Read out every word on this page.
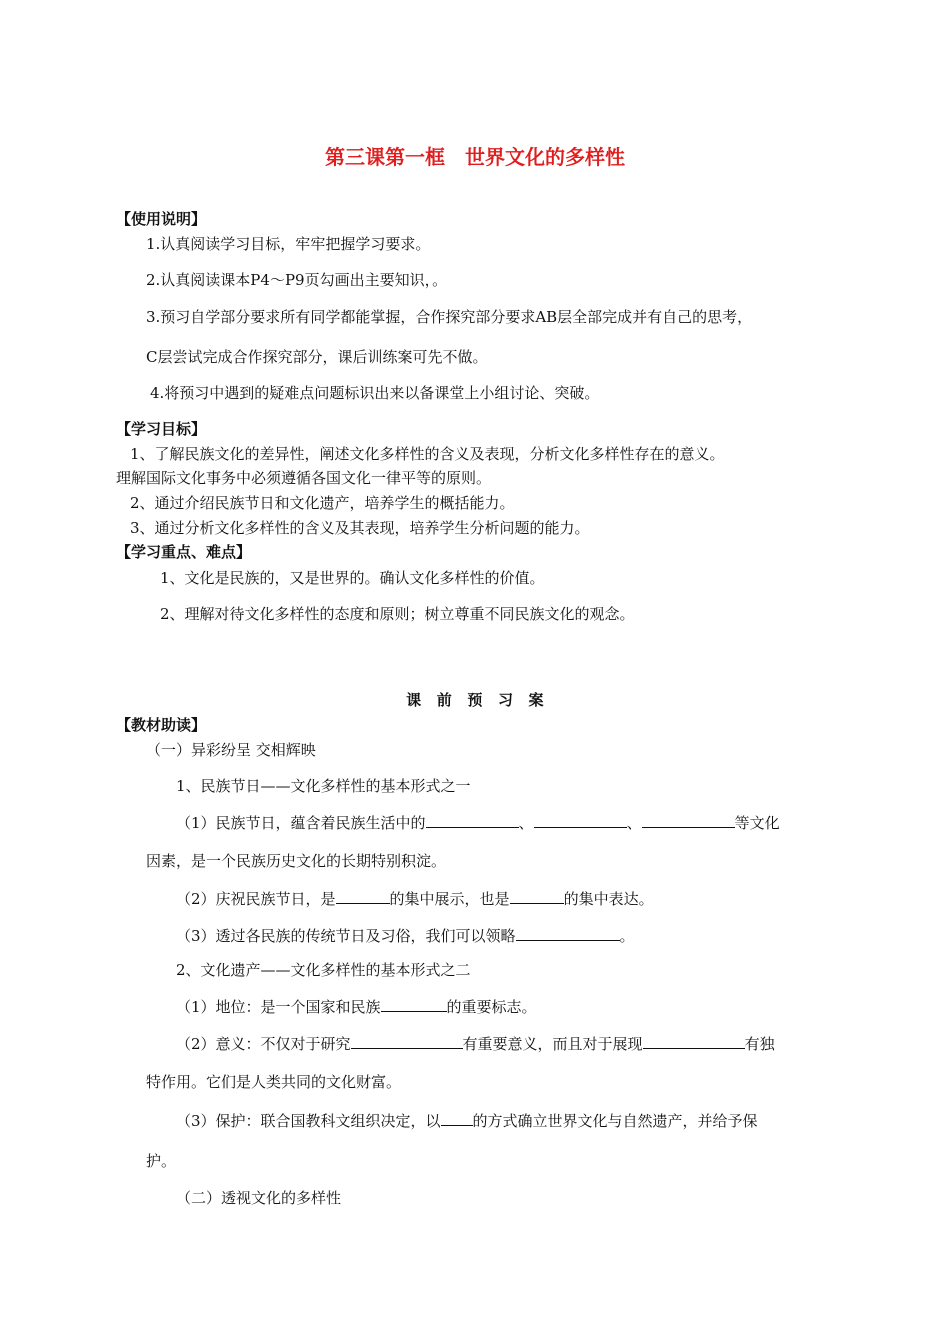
第三课第一框　世界文化的多样性
【使用说明】
1.认真阅读学习目标，牢牢把握学习要求。
2.认真阅读课本P4～P9页勾画出主要知识，。
3.预习自学部分要求所有同学都能掌握，合作探究部分要求AB层全部完成并有自己的思考，
C层尝试完成合作探究部分，课后训练案可先不做。
4.将预习中遇到的疑难点问题标识出来以备课堂上小组讨论、突破。
【学习目标】
1、了解民族文化的差异性，阐述文化多样性的含义及表现，分析文化多样性存在的意义。
理解国际文化事务中必须遵循各国文化一律平等的原则。
2、通过介绍民族节日和文化遗产，培养学生的概括能力。
3、通过分析文化多样性的含义及其表现，培养学生分析问题的能力。
【学习重点、难点】
1、文化是民族的，又是世界的。确认文化多样性的价值。
2、理解对待文化多样性的态度和原则；树立尊重不同民族文化的观念。
课　前　预　习　案
【教材助读】
（一）异彩纷呈 交相辉映
1、民族节日——文化多样性的基本形式之一
（1）民族节日，蕴含着民族生活中的	、	、	等文化
因素，是一个民族历史文化的长期特别积淀。
（2）庆祝民族节日，是	的集中展示，也是	的集中表达。
（3）透过各民族的传统节日及习俗，我们可以领略	。
2、文化遗产——文化多样性的基本形式之二
（1）地位：是一个国家和民族	的重要标志。
（2）意义：不仅对于研究	有重要意义，而且对于展现	有独
特作用。它们是人类共同的文化财富。
（3）保护：联合国教科文组织决定，以 的方式确立世界文化与自然遗产，并给予保
护。
（二）透视文化的多样性
